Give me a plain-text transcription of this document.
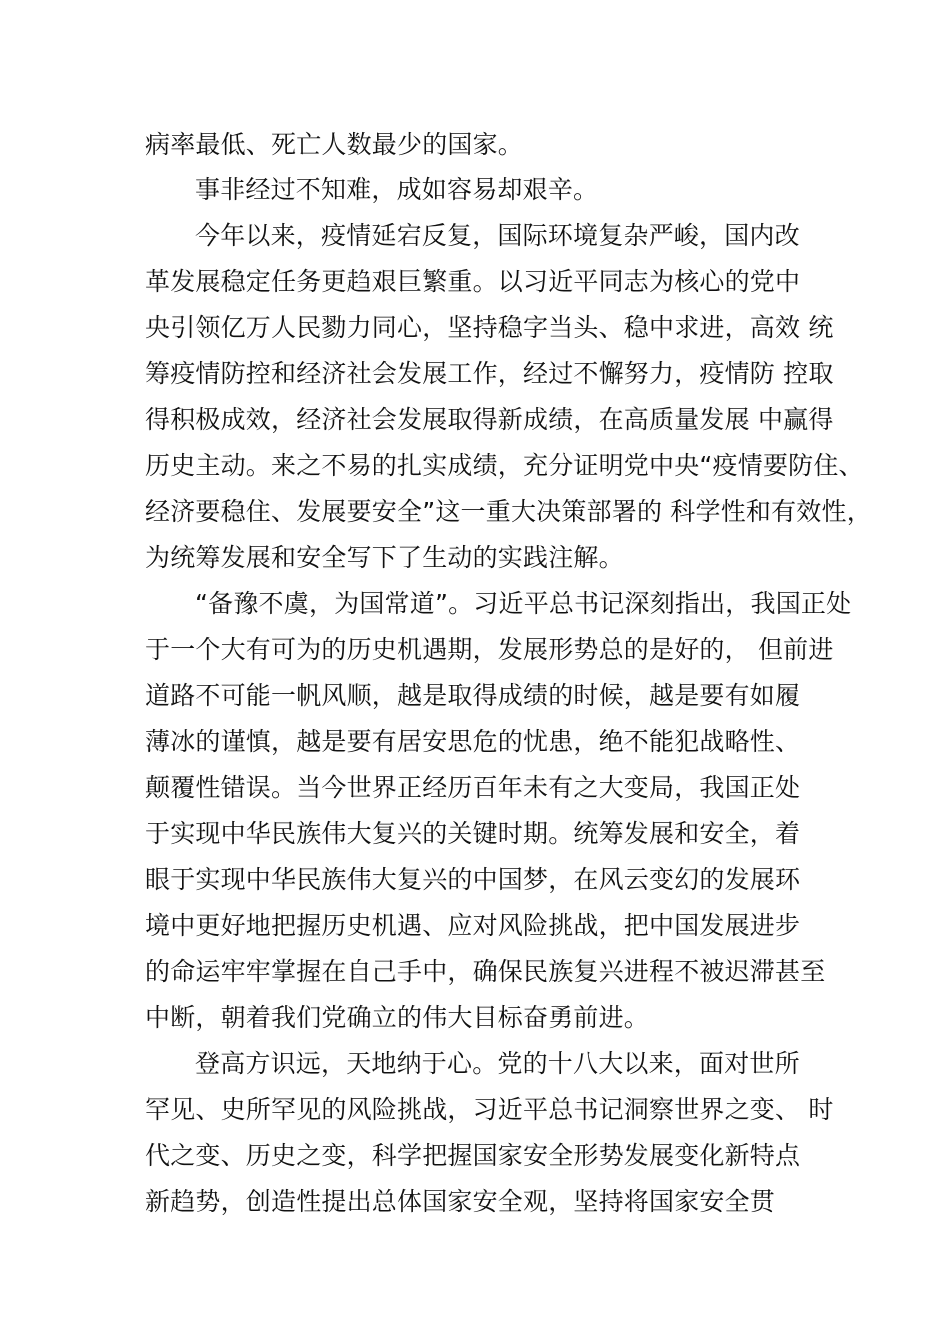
病率最低、死亡人数最少的国家。
事非经过不知难，成如容易却艰辛。
今年以来，疫情延宕反复，国际环境复杂严峻，国内改
革发展稳定任务更趋艰巨繁重。以习近平同志为核心的党中
央引领亿万人民勠力同心，坚持稳字当头、稳中求进，高效 统
筹疫情防控和经济社会发展工作，经过不懈努力，疫情防 控取
得积极成效，经济社会发展取得新成绩，在高质量发展 中赢得
历史主动。来之不易的扎实成绩，充分证明党中央“疫情要防住、
经济要稳住、发展要安全”这一重大决策部署的 科学性和有效性，
为统筹发展和安全写下了生动的实践注解。
“备豫不虞，为国常道”。习近平总书记深刻指出，我国正处
于一个大有可为的历史机遇期，发展形势总的是好的， 但前进
道路不可能一帆风顺，越是取得成绩的时候，越是要有如履
薄冰的谨慎，越是要有居安思危的忧患，绝不能犯战略性、
颠覆性错误。当今世界正经历百年未有之大变局，我国正处
于实现中华民族伟大复兴的关键时期。统筹发展和安全，着
眼于实现中华民族伟大复兴的中国梦，在风云变幻的发展环
境中更好地把握历史机遇、应对风险挑战，把中国发展进步
的命运牢牢掌握在自己手中，确保民族复兴进程不被迟滞甚至
中断，朝着我们党确立的伟大目标奋勇前进。
登高方识远，天地纳于心。党的十八大以来，面对世所
罕见、史所罕见的风险挑战，习近平总书记洞察世界之变、 时
代之变、历史之变，科学把握国家安全形势发展变化新特点
新趋势，创造性提出总体国家安全观，坚持将国家安全贯
